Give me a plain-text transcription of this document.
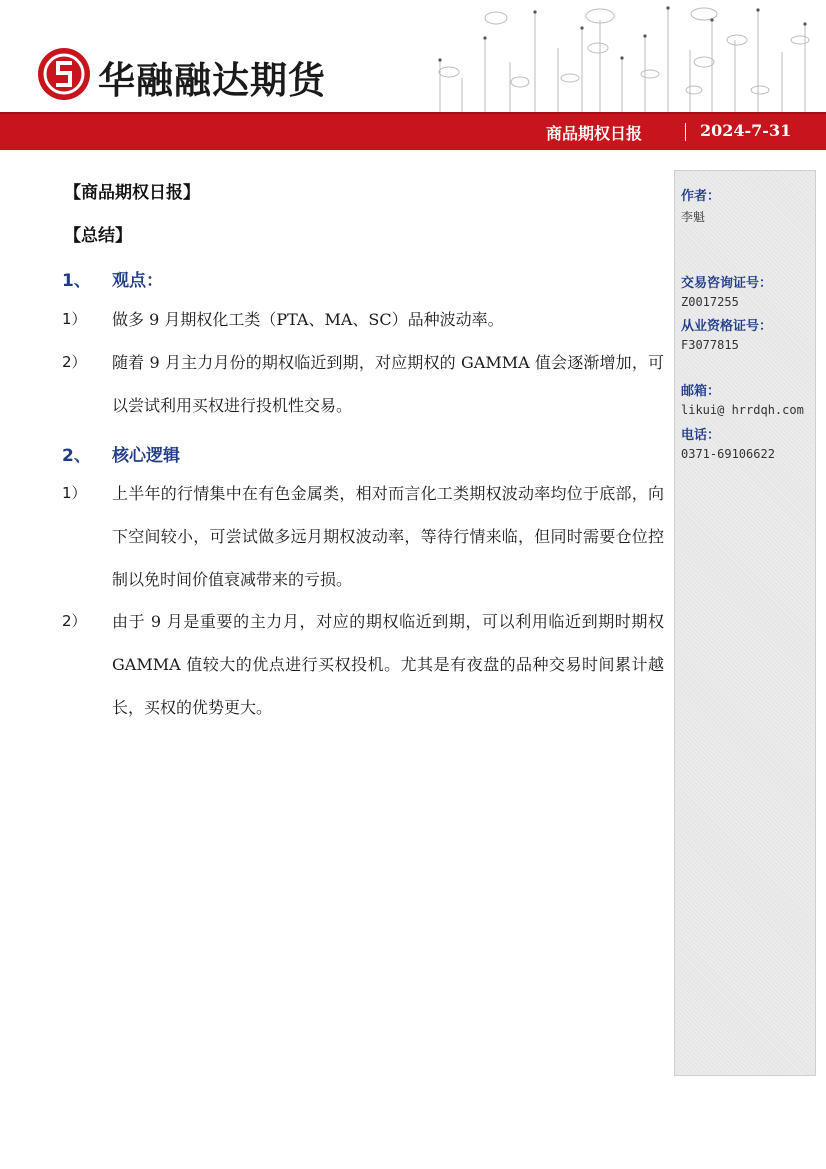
华融融达期货
商品期权日报	2024-7-31
【商品期权日报】
【总结】
1、 观点：
1） 做多 9 月期权化工类（PTA、MA、SC）品种波动率。
2） 随着 9 月主力月份的期权临近到期，对应期权的 GAMMA 值会逐渐增加，可以尝试利用买权进行投机性交易。
2、 核心逻辑
1） 上半年的行情集中在有色金属类，相对而言化工类期权波动率均位于底部，向下空间较小，可尝试做多远月期权波动率，等待行情来临，但同时需要仓位控制以免时间价值衰减带来的亏损。
2） 由于 9 月是重要的主力月，对应的期权临近到期，可以利用临近到期时期权 GAMMA 值较大的优点进行买权投机。尤其是有夜盘的品种交易时间累计越长，买权的优势更大。
作者：
李魁
交易咨询证号：
Z0017255
从业资格证号：
F3077815
邮箱：
likui@ hrrdqh.com
电话：
0371-69106622
